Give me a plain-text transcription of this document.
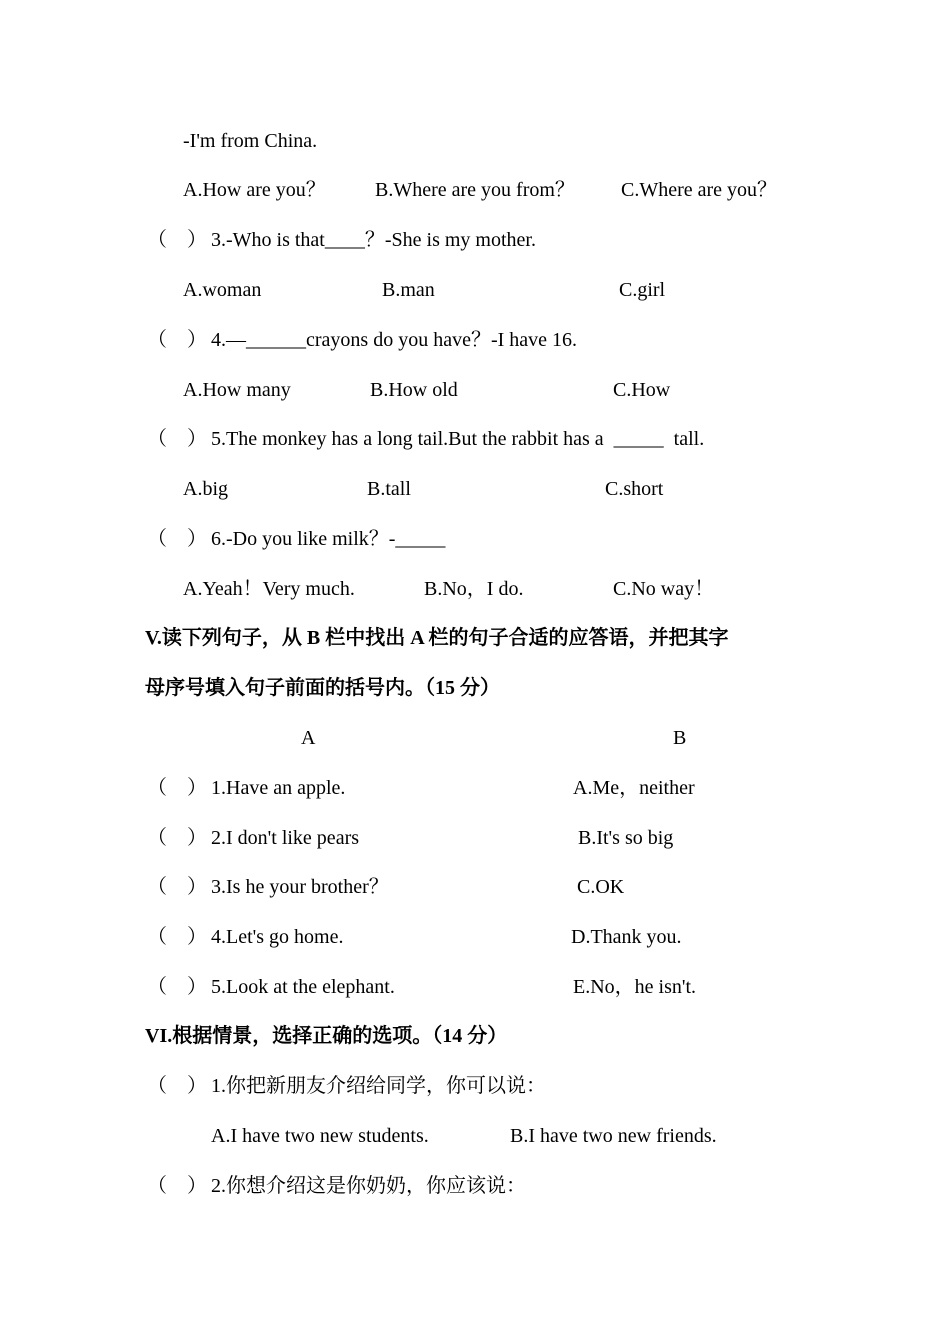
-I'm from China.
A.How are you？ B.Where are you from？ C.Where are you？
（    ） 3.-Who is that____？-She is my mother.
A.woman	B.man	C.girl
（    ） 4.—______crayons do you have？-I have 16.
A.How many	B.How old	C.How
（    ） 5.The monkey has a long tail.But the rabbit has a  _____  tall.
A.big	B.tall	C.short
（    ） 6.-Do you like milk？-_____
A.Yeah！Very much.	B.No，I do.	C.No way！
V.读下列句子，从 B 栏中找出 A 栏的句子合适的应答语，并把其字
母序号填入句子前面的括号内。（15 分）
A	B
（    ） 1.Have an apple.	A.Me，neither
（    ） 2.I don't like pears	B.It's so big
（    ） 3.Is he your brother？	C.OK
（    ） 4.Let's go home.	D.Thank you.
（    ） 5.Look at the elephant.	E.No，he isn't.
VI.根据情景，选择正确的选项。（14 分）
（    ） 1.你把新朋友介绍给同学，你可以说：
A.I have two new students.	B.I have two new friends.
（    ） 2.你想介绍这是你奶奶，你应该说：
